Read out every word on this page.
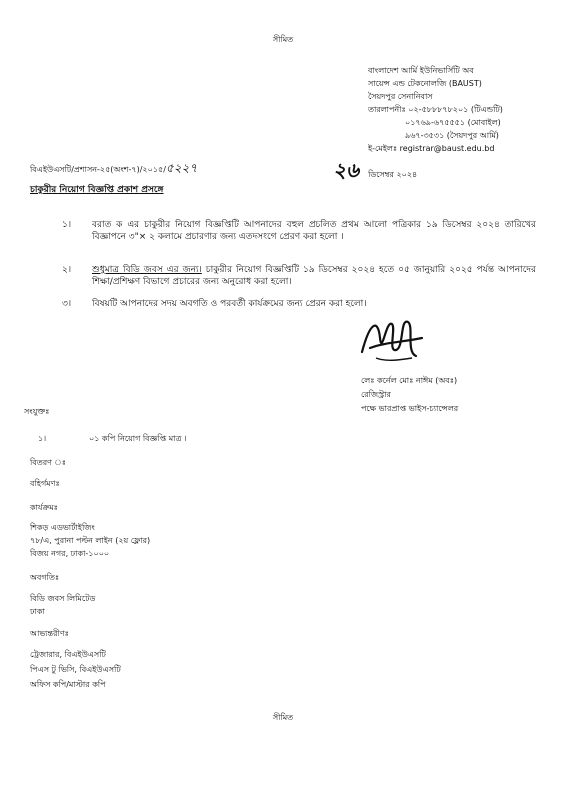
সীমিত
বাংলাদেশ আর্মি ইউনিভার্সিটি অব
সায়েন্স এন্ড টেকনোলজি (BAUST)
সৈয়দপুর সেনানিবাস
তারলাপনীঃ ০২-৫৮৮৮৭৮২০১ (টিএন্ডটি)
০১৭৬৯-৬৭৫৫৫১ (মোবাইল)
৯৬৭-৩৫৩১ (সৈয়দপুর আর্মি)
ই-মেইলঃ registrar@baust.edu.bd
বিএইউএসটি/প্রশাসন-২৫(অংশ-৭)/২০১৫/৫২২৭	২৬ ডিসেম্বর ২০২৪
চাকুরীর নিয়োগ বিজ্ঞপ্তি প্রকাশ প্রসঙ্গে
১।	বরাত ক এর চাকুরীর নিয়োগ বিজ্ঞপ্তিটি আপনাদের বহুল প্রচলিত প্রথম আলো পত্রিকার ১৯ ডিসেম্বর ২০২৪ তারিখের বিজ্ঞাপনে ৩"× ২ কলামে প্রচারণার জন্য এতদসংগে প্রেরণ করা হলো ।
২।	শুধুমাত্র বিডি জবস এর জন্য। চাকুরীর নিয়োগ বিজ্ঞপ্তিটি ১৯ ডিসেম্বর ২০২৪ হতে ০৫ জানুয়ারি ২০২৫ পর্যন্ত আপনাদের শিক্ষা/প্রশিক্ষণ বিভাগে প্রচারের জন্য অনুরোধ করা হলো।
৩।	বিষয়টি আপনাদের সদয় অবগতি ও পরবর্তী কার্যক্রমের জন্য প্রেরন করা হলো।
লেঃ কর্নেল মোঃ নাঈম (অবঃ)
রেজিস্ট্রার
পক্ষে ভারপ্রাপ্ত ভাইস-চ্যান্সেলর
সংযুক্তঃ
১।	০১ কপি নিয়োগ বিজ্ঞপ্তি মাত্র ।
বিতরণ ঃ
বহির্গমণঃ
কার্যক্রমঃ
শিকড় এডভার্টাইজিং
৭৮/এ, পুরানা পল্টন লাইন (২য় ফ্লোর)
বিজয় নগর, ঢাকা-১০০০
অবগতিঃ
বিডি জবস লিমিটেড
ঢাকা
আভ্যন্তরীণঃ
ট্রেজারার, বিএইউএসটি
পিএস টু ভিসি, বিএইউএসটি
অফিস কপি/মাস্টার কপি
সীমিত
